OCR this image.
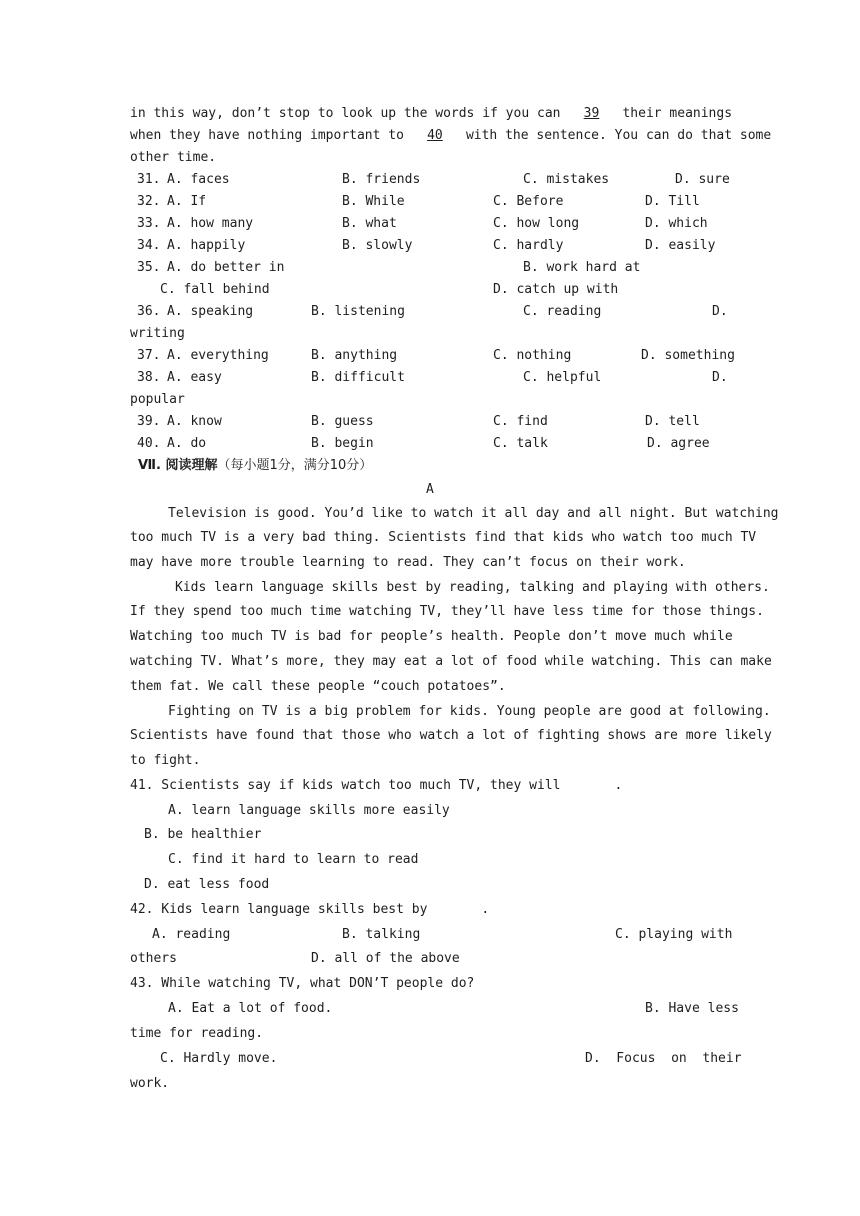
in this way, don’t stop to look up the words if you can 39 their meanings
when they have nothing important to 40 with the sentence. You can do that some
other time.
31. A. faces	B. friends	C. mistakes	D. sure
32. A. If	B. While	C. Before	D. Till
33. A. how many	B. what	C. how long	D. which
34. A. happily	B. slowly	C. hardly	D. easily
35. A. do better in	B. work hard at
C. fall behind	D. catch up with
36. A. speaking	B. listening	C. reading	D.
writing
37. A. everything	B. anything	C. nothing	D. something
38. A. easy	B. difficult	C. helpful	D.
popular
39. A. know	B. guess	C. find	D. tell
40. A. do	B. begin	C. talk	D. agree
Ⅶ. 阅读理解（每小题1分，满分10分）
A
Television is good. You’d like to watch it all day and all night. But watching
too much TV is a very bad thing. Scientists find that kids who watch too much TV
may have more trouble learning to read. They can’t focus on their work.
Kids learn language skills best by reading, talking and playing with others.
If they spend too much time watching TV, they’ll have less time for those things.
Watching too much TV is bad for people’s health. People don’t move much while
watching TV. What’s more, they may eat a lot of food while watching. This can make
them fat. We call these people “couch potatoes”.
Fighting on TV is a big problem for kids. Young people are good at following.
Scientists have found that those who watch a lot of fighting shows are more likely
to fight.
41. Scientists say if kids watch too much TV, they will	.
A. learn language skills more easily
B. be healthier
C. find it hard to learn to read
D. eat less food
42. Kids learn language skills best by	.
A. reading	B. talking	C. playing with
others	D. all of the above
43. While watching TV, what DON’T people do?
A. Eat a lot of food.	B. Have less
time for reading.
C. Hardly move.	D.  Focus  on  their
work.
